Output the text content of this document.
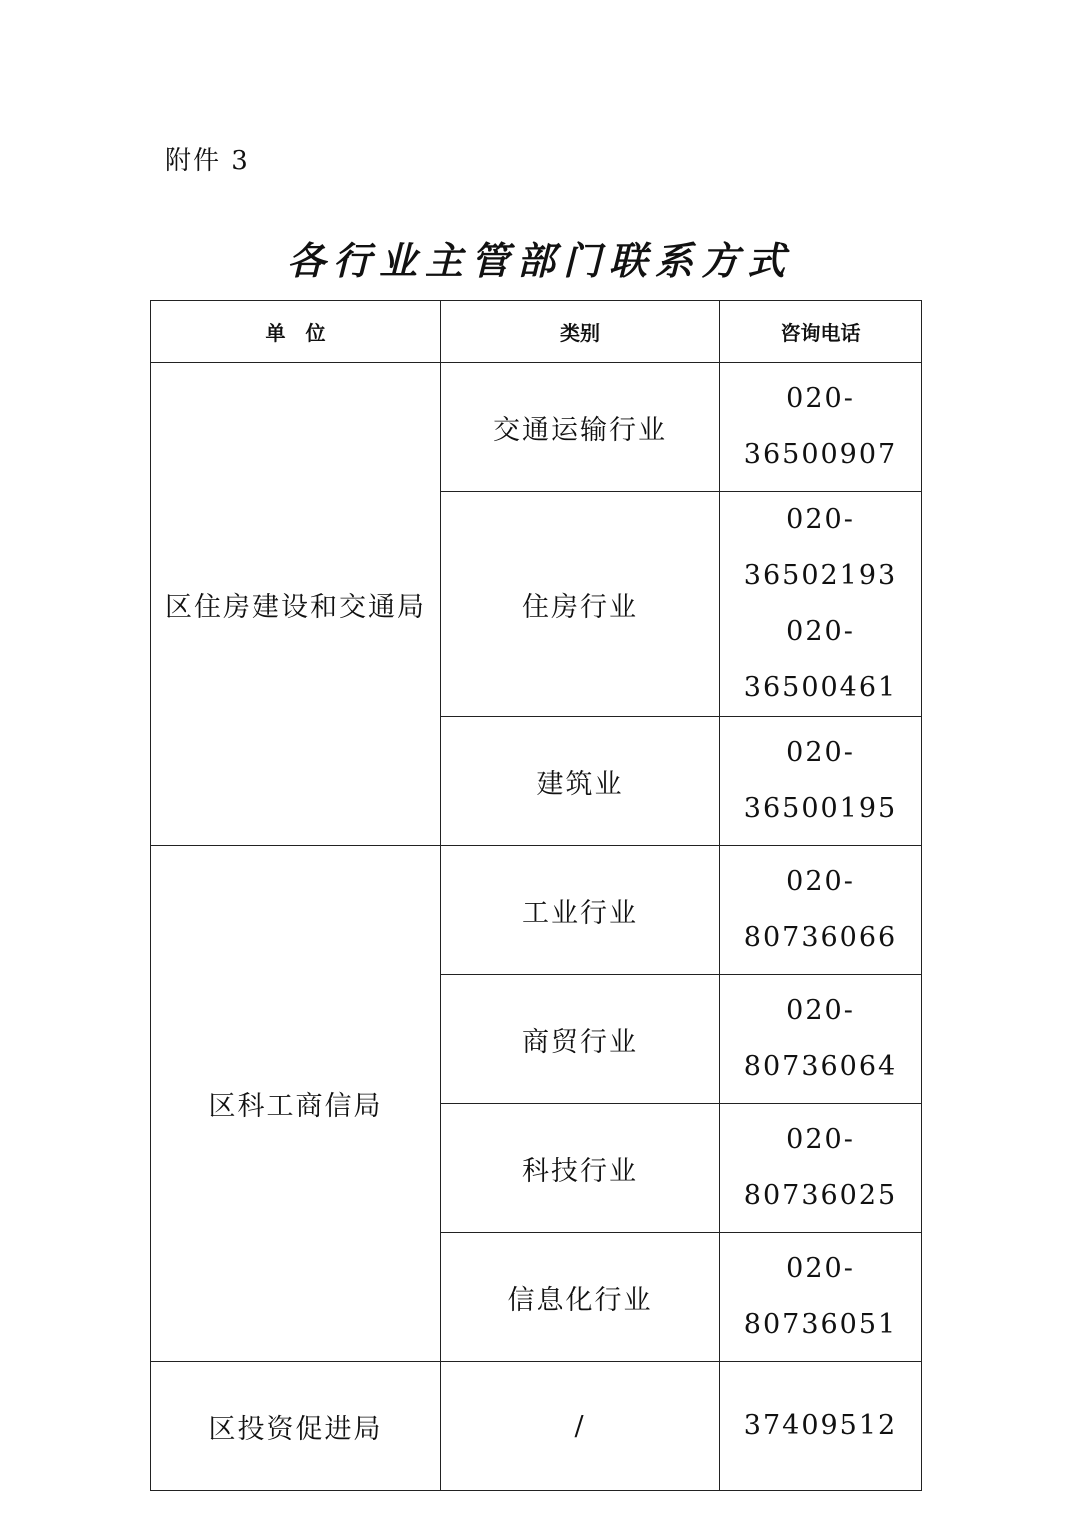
附件 3
各行业主管部门联系方式
单　位	类别	咨询电话
区住房建设和交通局	交通运输行业	020-36500907

	住房行业	020-36502193
020-36500461

	建筑业	020-36500195

区科工商信局	工业行业	020-80736066

	商贸行业	020-80736064

	科技行业	020-80736025

	信息化行业	020-80736051

区投资促进局	/	37409512
